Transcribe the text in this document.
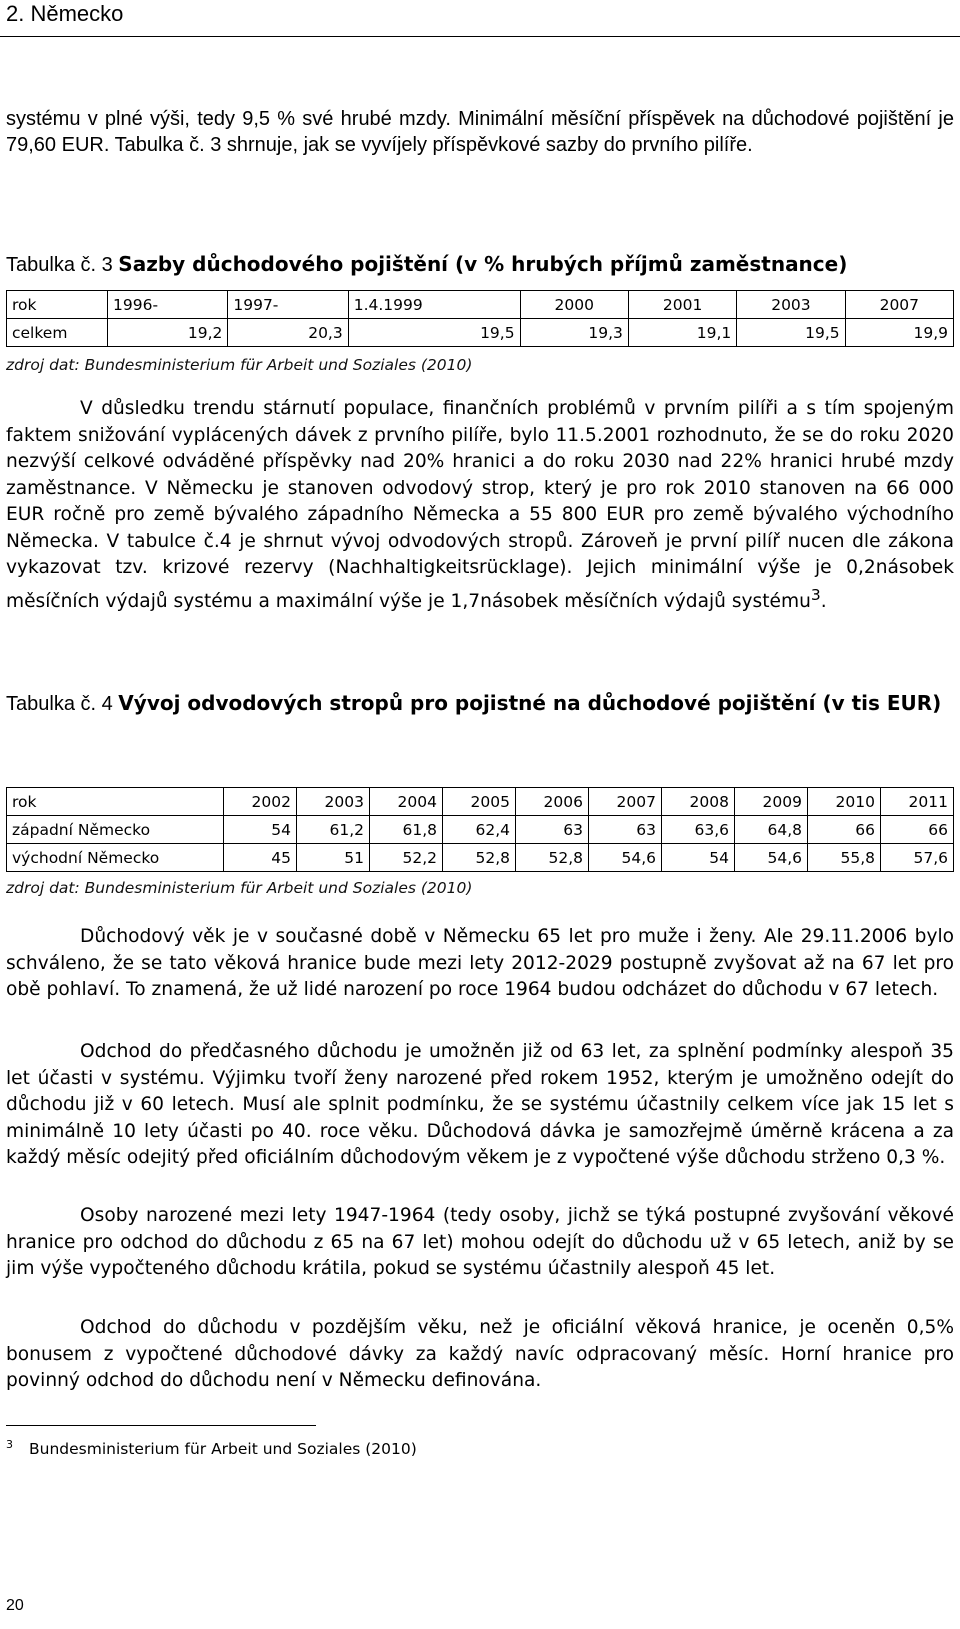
2. Německo

systému v plné výši, tedy 9,5 % své hrubé mzdy. Minimální měsíční příspěvek na důchodové pojištění je 79,60 EUR. Tabulka č. 3 shrnuje, jak se vyvíjely příspěvkové sazby do prvního pilíře.

Tabulka č. 3 Sazby důchodového pojištění (v % hrubých příjmů zaměstnance)

rok	1996-	1997-	1.4.1999	2000	2001	2003	2007
celkem	19,2	20,3	19,5	19,3	19,1	19,5	19,9

zdroj dat: Bundesministerium für Arbeit und Soziales (2010)

V důsledku trendu stárnutí populace, finančních problémů v prvním pilíři a s tím spojeným faktem snižování vyplácených dávek z prvního pilíře, bylo 11.5.2001 rozhodnuto, že se do roku 2020 nezvýší celkové odváděné příspěvky nad 20% hranici a do roku 2030 nad 22% hranici hrubé mzdy zaměstnance. V Německu je stanoven odvodový strop, který je pro rok 2010 stanoven na 66 000 EUR ročně pro země bývalého západního Německa a 55 800 EUR pro země bývalého východního Německa. V tabulce č.4 je shrnut vývoj odvodových stropů. Zároveň je první pilíř nucen dle zákona vykazovat tzv. krizové rezervy (Nachhaltigkeitsrücklage). Jejich minimální výše je 0,2násobek měsíčních výdajů systému a maximální výše je 1,7násobek měsíčních výdajů systému$^3$.

Tabulka č. 4 Vývoj odvodových stropů pro pojistné na důchodové pojištění (v tis EUR)

rok	2002	2003	2004	2005	2006	2007	2008	2009	2010	2011
západní Německo	54	61,2	61,8	62,4	63	63	63,6	64,8	66	66
východní Německo	45	51	52,2	52,8	52,8	54,6	54	54,6	55,8	57,6

zdroj dat: Bundesministerium für Arbeit und Soziales (2010)

Důchodový věk je v současné době v Německu 65 let pro muže i ženy. Ale 29.11.2006 bylo schváleno, že se tato věková hranice bude mezi lety 2012-2029 postupně zvyšovat až na 67 let pro obě pohlaví. To znamená, že už lidé narození po roce 1964 budou odcházet do důchodu v 67 letech.

Odchod do předčasného důchodu je umožněn již od 63 let, za splnění podmínky alespoň 35 let účasti v systému. Výjimku tvoří ženy narozené před rokem 1952, kterým je umožněno odejít do důchodu již v 60 letech. Musí ale splnit podmínku, že se systému účastnily celkem více jak 15 let s minimálně 10 lety účasti po 40. roce věku. Důchodová dávka je samozřejmě úměrně krácena a za každý měsíc odejitý před oficiálním důchodovým věkem je z vypočtené výše důchodu strženo 0,3 %.

Osoby narozené mezi lety 1947-1964 (tedy osoby, jichž se týká postupné zvyšování věkové hranice pro odchod do důchodu z 65 na 67 let) mohou odejít do důchodu už v 65 letech, aniž by se jim výše vypočteného důchodu krátila, pokud se systému účastnily alespoň 45 let.

Odchod do důchodu v pozdějším věku, než je oficiální věková hranice, je oceněn 0,5% bonusem z vypočtené důchodové dávky za každý navíc odpracovaný měsíc. Horní hranice pro povinný odchod do důchodu není v Německu definována.

$^3$ Bundesministerium für Arbeit und Soziales (2010)

20
